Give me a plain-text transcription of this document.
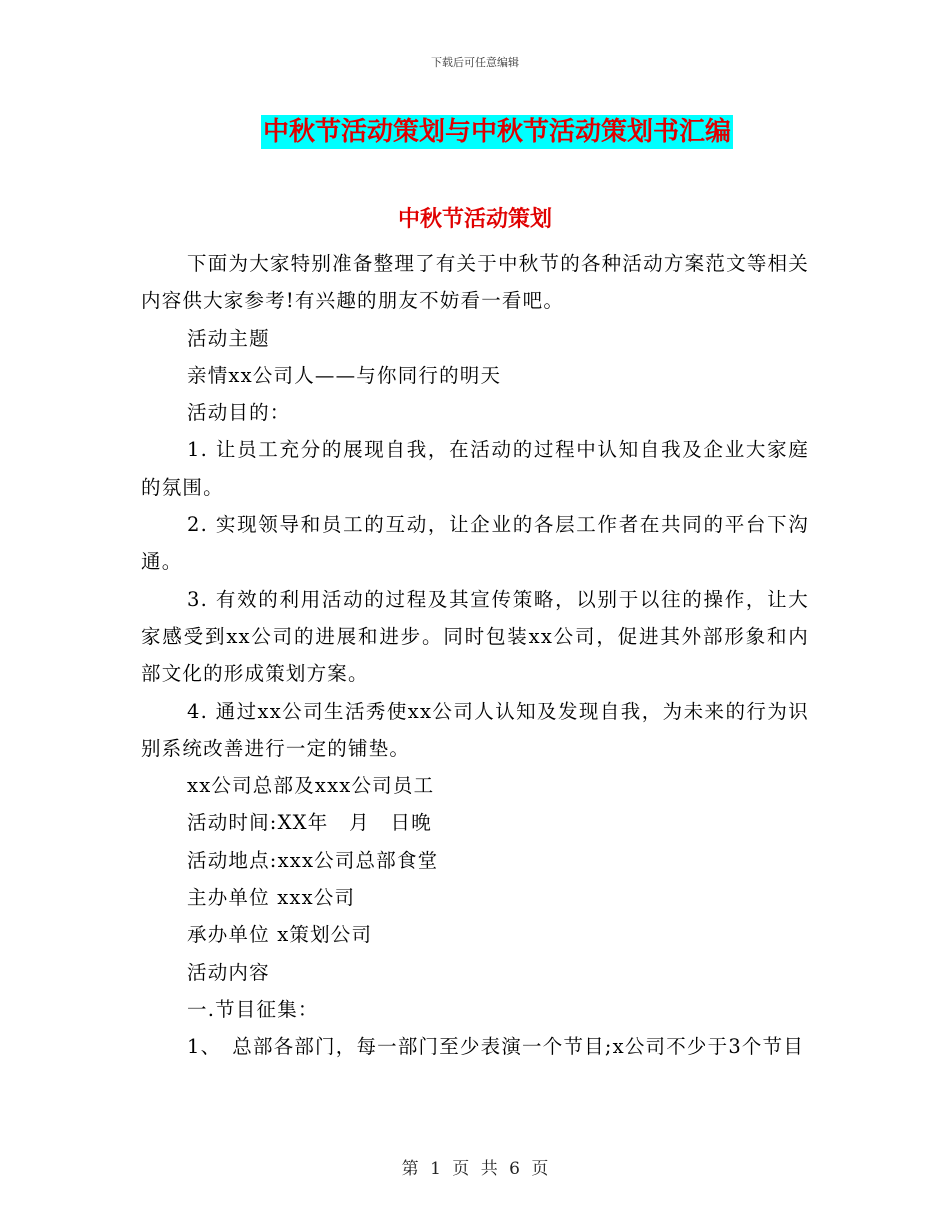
下载后可任意编辑
中秋节活动策划与中秋节活动策划书汇编
中秋节活动策划

下面为大家特别准备整理了有关于中秋节的各种活动方案范文等相关内容供大家参考!有兴趣的朋友不妨看一看吧。

活动主题

亲情xx公司人——与你同行的明天

活动目的：

1. 让员工充分的展现自我，在活动的过程中认知自我及企业大家庭的氛围。

2. 实现领导和员工的互动，让企业的各层工作者在共同的平台下沟通。

3. 有效的利用活动的过程及其宣传策略，以别于以往的操作，让大家感受到xx公司的进展和进步。同时包装xx公司，促进其外部形象和内部文化的形成策划方案。

4. 通过xx公司生活秀使xx公司人认知及发现自我，为未来的行为识别系统改善进行一定的铺垫。

xx公司总部及xxx公司员工

活动时间:XX年　月　日晚

活动地点:xxx公司总部食堂

主办单位 xxx公司

承办单位 x策划公司

活动内容

一.节目征集：

1、　总部各部门，每一部门至少表演一个节目;x公司不少于3个节目

第 1 页 共 6 页
